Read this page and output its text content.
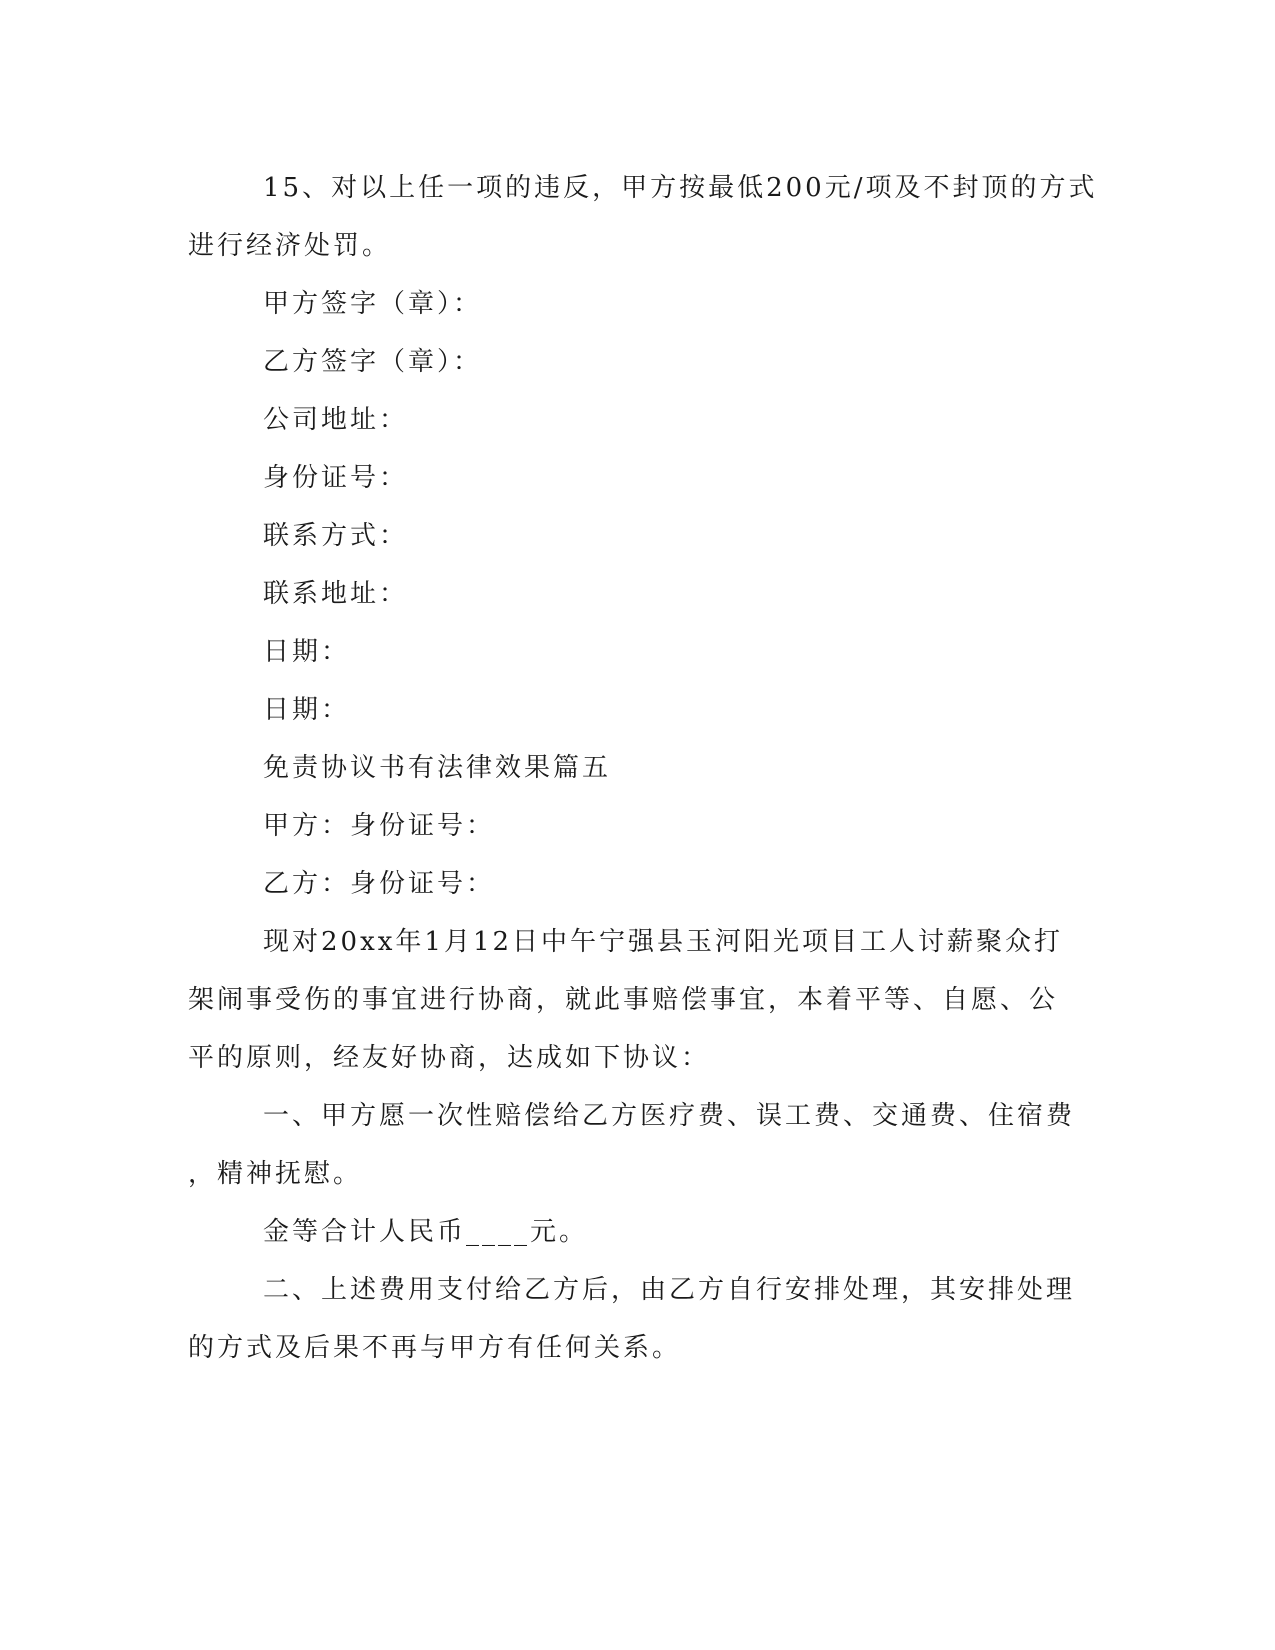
15、对以上任一项的违反，甲方按最低200元/项及不封顶的方式
进行经济处罚。
甲方签字（章）：
乙方签字（章）：
公司地址：
身份证号：
联系方式：
联系地址：
日期：
日期：
免责协议书有法律效果篇五
甲方：身份证号：
乙方：身份证号：
现对20xx年1月12日中午宁强县玉河阳光项目工人讨薪聚众打
架闹事受伤的事宜进行协商，就此事赔偿事宜，本着平等、自愿、公
平的原则，经友好协商，达成如下协议：
一、甲方愿一次性赔偿给乙方医疗费、误工费、交通费、住宿费
，精神抚慰。
金等合计人民币____元。
二、上述费用支付给乙方后，由乙方自行安排处理，其安排处理
的方式及后果不再与甲方有任何关系。
